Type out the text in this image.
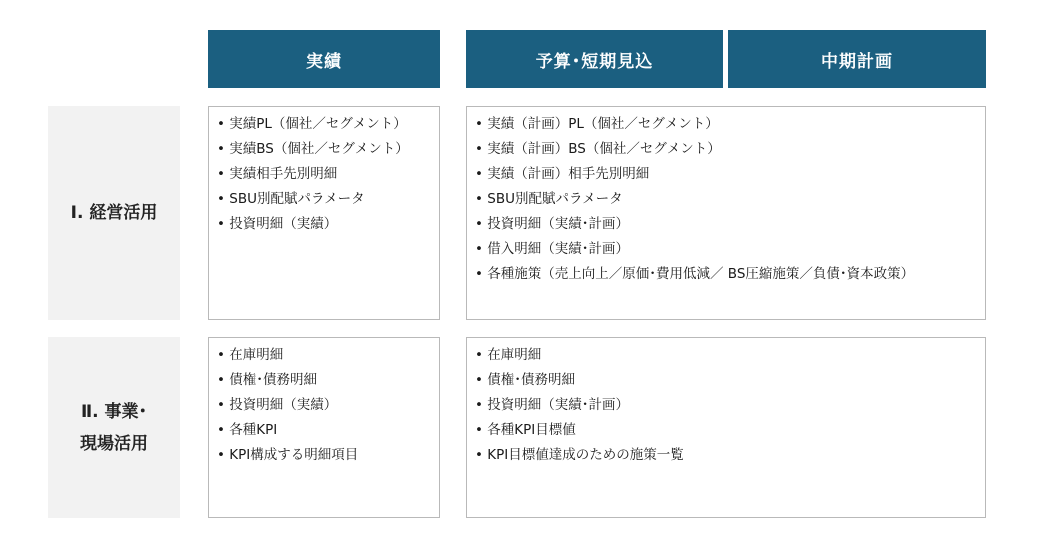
実績	予算･短期見込	中期計画
Ⅰ. 経営活用
• 実績PL（個社／セグメント）
• 実績BS（個社／セグメント）
• 実績相手先別明細
• SBU別配賦パラメータ
• 投資明細（実績）
• 実績（計画）PL（個社／セグメント）
• 実績（計画）BS（個社／セグメント）
• 実績（計画）相手先別明細
• SBU別配賦パラメータ
• 投資明細（実績･計画）
• 借入明細（実績･計画）
• 各種施策（売上向上／原価･費用低減／ BS圧縮施策／負債･資本政策）
Ⅱ. 事業･
現場活用
• 在庫明細
• 債権･債務明細
• 投資明細（実績）
• 各種KPI
• KPI構成する明細項目
• 在庫明細
• 債権･債務明細
• 投資明細（実績･計画）
• 各種KPI目標値
• KPI目標値達成のための施策一覧
